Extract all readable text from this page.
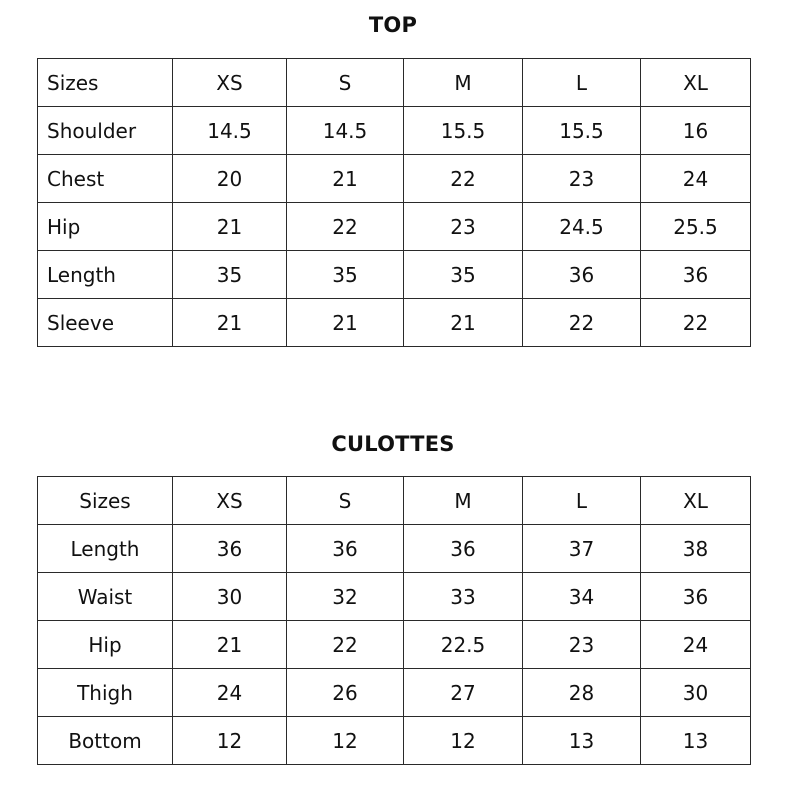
TOP
Sizes	XS	S	M	L	XL
Shoulder	14.5	14.5	15.5	15.5	16
Chest	20	21	22	23	24
Hip	21	22	23	24.5	25.5
Length	35	35	35	36	36
Sleeve	21	21	21	22	22
CULOTTES
Sizes	XS	S	M	L	XL
Length	36	36	36	37	38
Waist	30	32	33	34	36
Hip	21	22	22.5	23	24
Thigh	24	26	27	28	30
Bottom	12	12	12	13	13
